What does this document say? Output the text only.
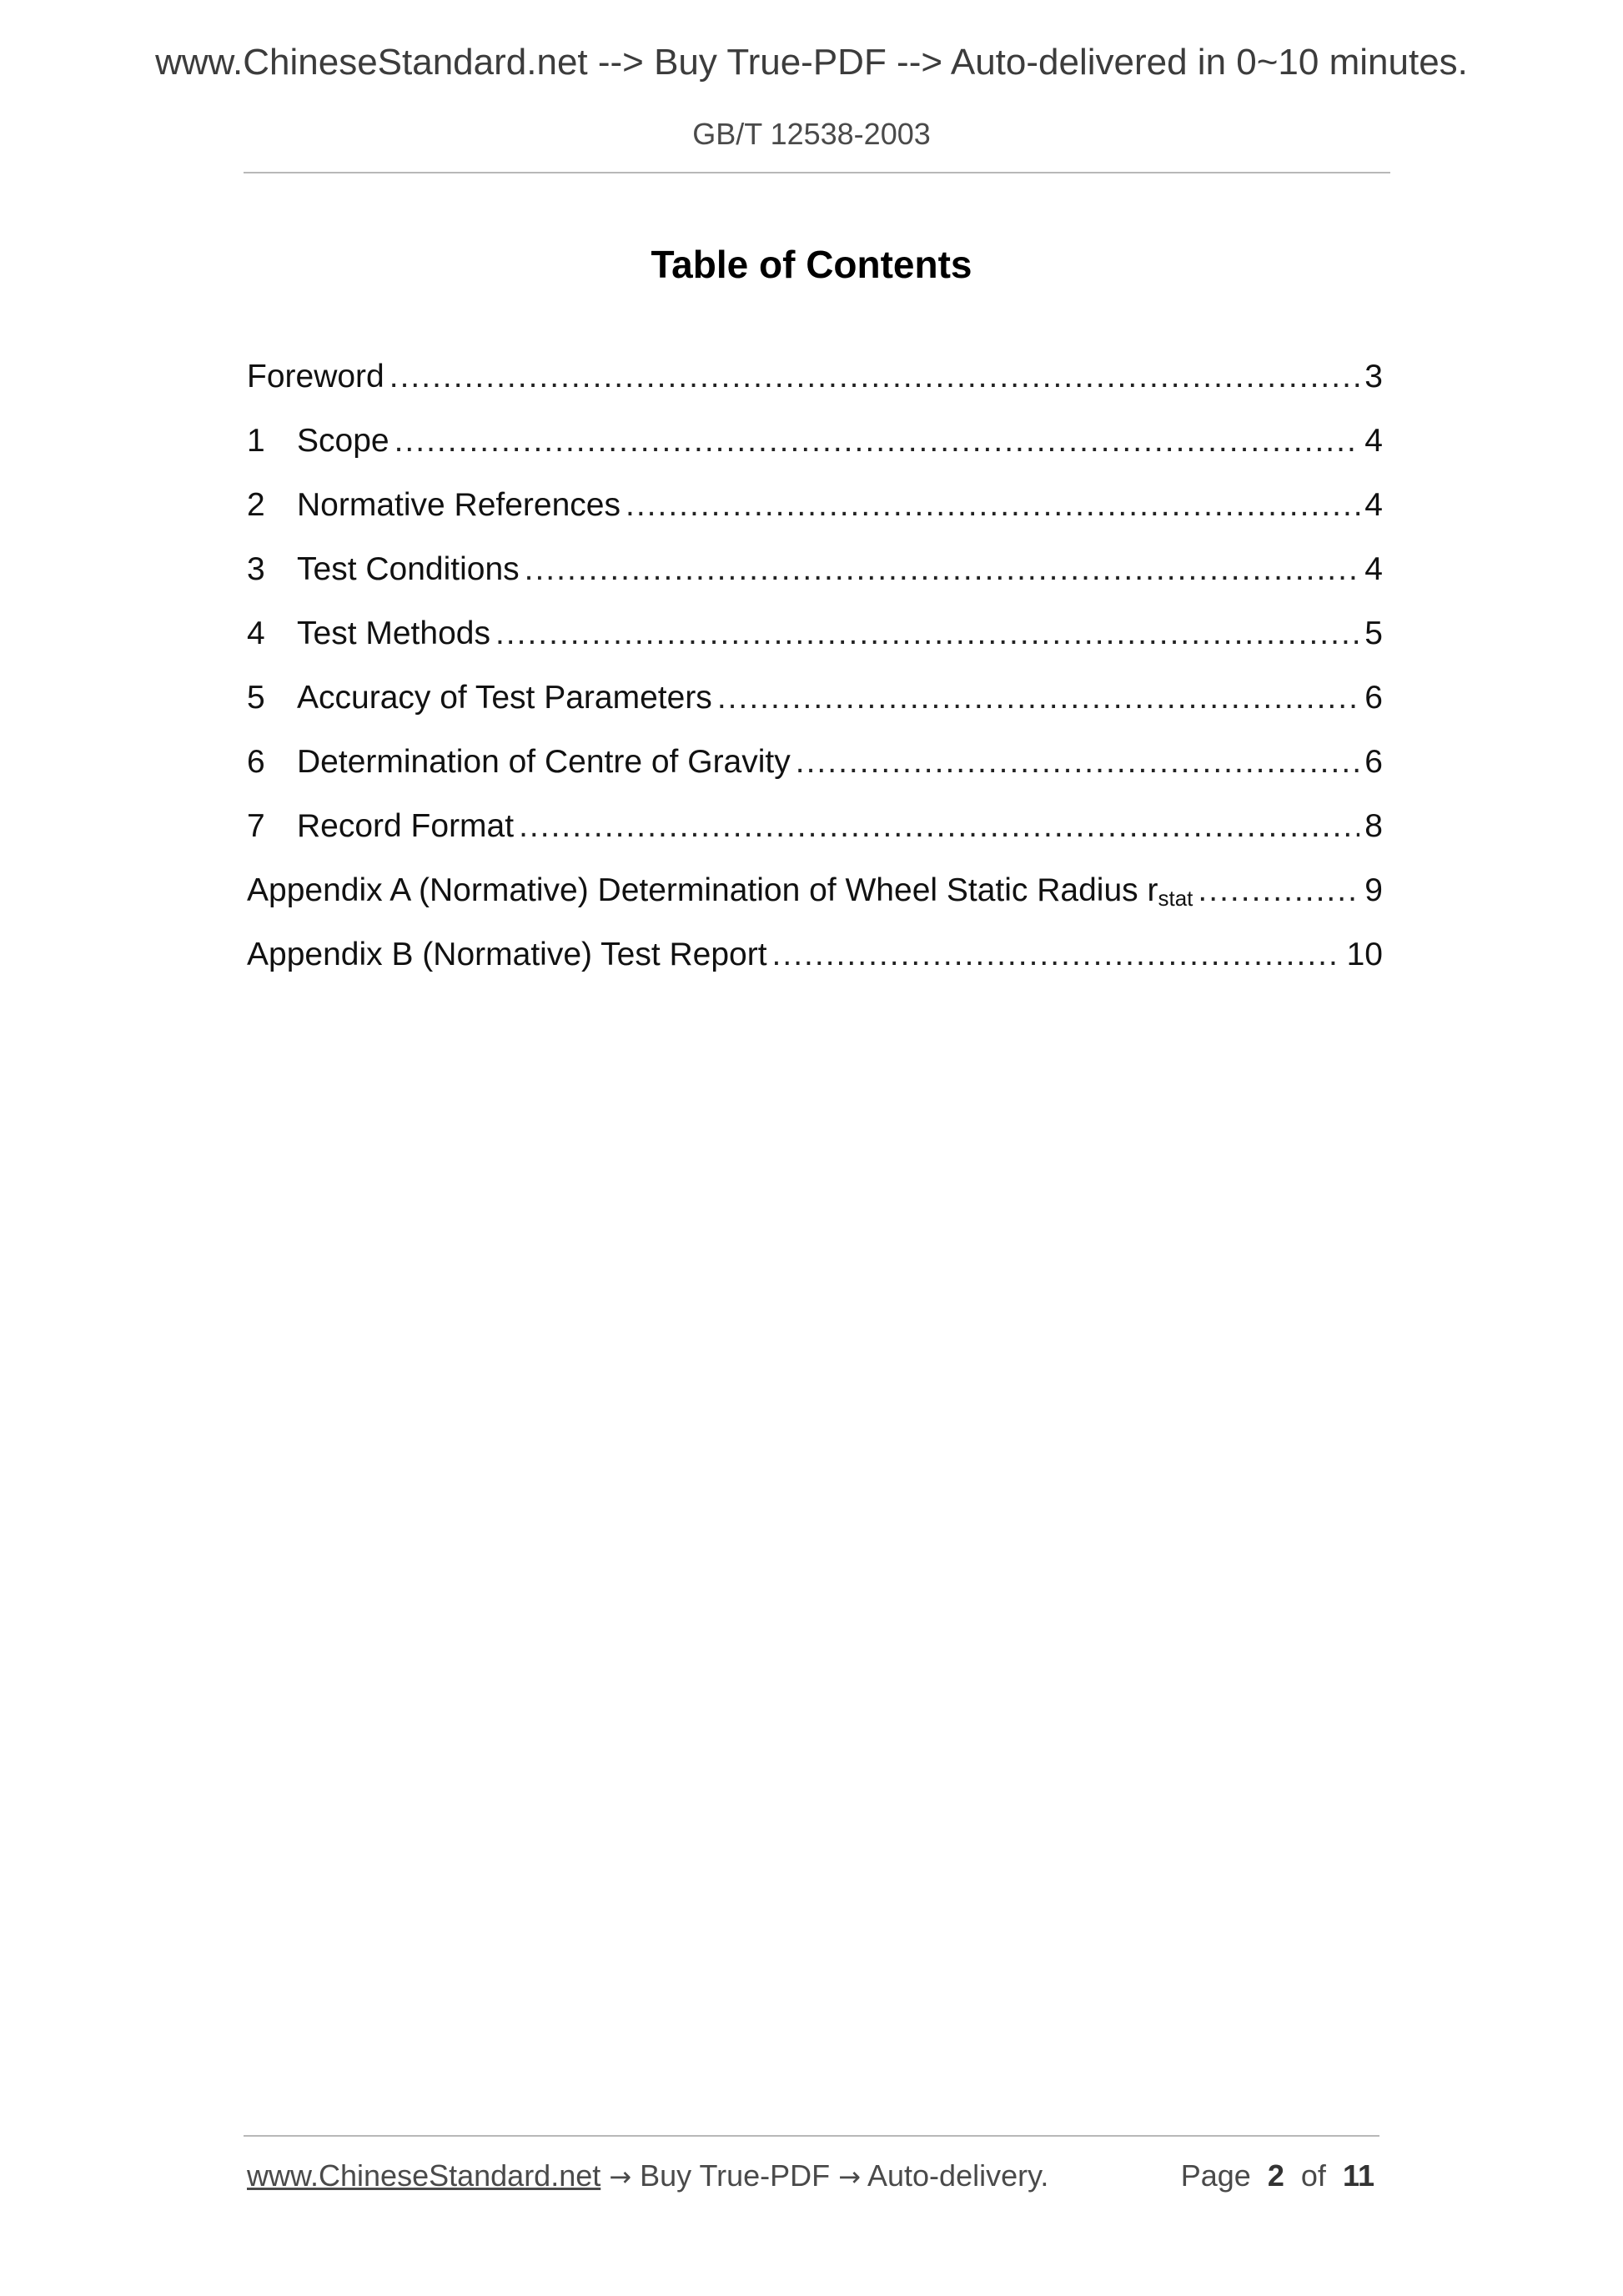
www.ChineseStandard.net --> Buy True-PDF --> Auto-delivered in 0~10 minutes.
GB/T 12538-2003
Table of Contents
Foreword .....	3
1 Scope .....	4
2 Normative References .....	4
3 Test Conditions .....	4
4 Test Methods .....	5
5 Accuracy of Test Parameters .....	6
6 Determination of Centre of Gravity .....	6
7 Record Format .....	8
Appendix A (Normative) Determination of Wheel Static Radius $r_{stat}$ .....	9
Appendix B (Normative) Test Report .....	10
www.ChineseStandard.net → Buy True-PDF → Auto-delivery.	Page 2 of 11
